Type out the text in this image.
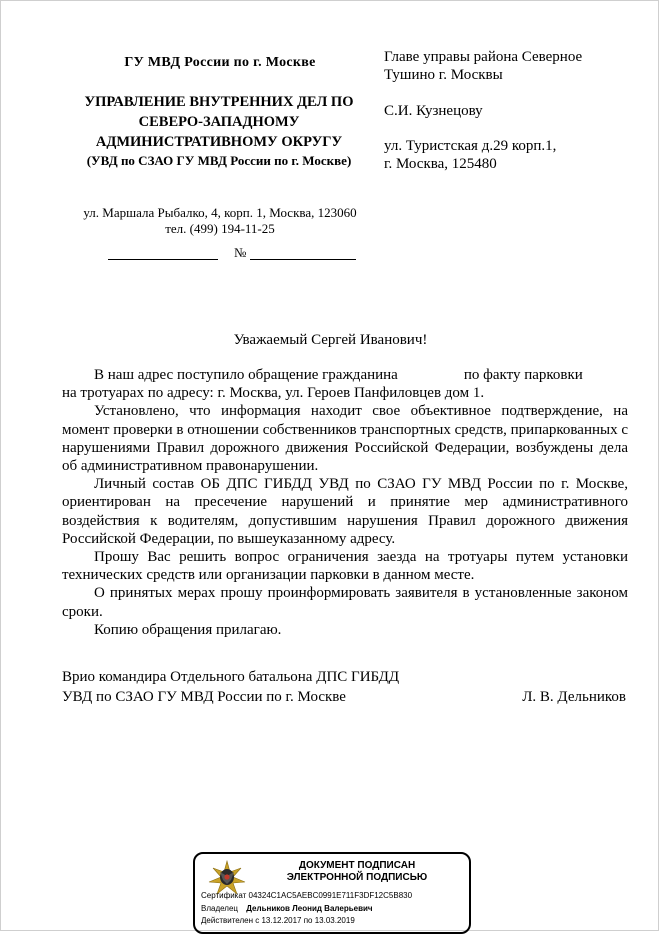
ГУ МВД России по г. Москве
УПРАВЛЕНИЕ ВНУТРЕННИХ ДЕЛ ПО СЕВЕРО-ЗАПАДНОМУ АДМИНИСТРАТИВНОМУ ОКРУГУ
(УВД по СЗАО ГУ МВД России по г. Москве)
ул. Маршала Рыбалко, 4, корп. 1, Москва, 123060
тел. (499) 194-11-25
№
Главе управы района Северное
Тушино г. Москвы
С.И. Кузнецову
ул. Туристская д.29 корп.1,
г. Москва, 125480
Уважаемый Сергей Иванович!

В наш адрес поступило обращение гражданина	по факту парковки

на тротуарах по адресу: г. Москва, ул. Героев Панфиловцев дом 1.

Установлено, что информация находит свое объективное подтверждение, на момент проверки в отношении собственников транспортных средств, припаркованных с нарушениями Правил дорожного движения Российской Федерации, возбуждены дела об административном правонарушении.

Личный состав ОБ ДПС ГИБДД УВД по СЗАО ГУ МВД России по г. Москве, ориентирован на пресечение нарушений и принятие мер административного воздействия к водителям, допустившим нарушения Правил дорожного движения Российской Федерации, по вышеуказанному адресу.

Прошу Вас решить вопрос ограничения заезда на тротуары путем установки технических средств или организации парковки в данном месте.

О принятых мерах прошу проинформировать заявителя в установленные законом сроки.

Копию обращения прилагаю.

Врио командира Отдельного батальона ДПС ГИБДД
УВД по СЗАО ГУ МВД России по г. Москве	Л. В. Дельников
ДОКУМЕНТ ПОДПИСАН
ЭЛЕКТРОННОЙ ПОДПИСЬЮ
Сертификат 04324C1AC5AEBC0991E711F3DF12C5B830
Владелец Дельников Леонид Валерьевич
Действителен с 13.12.2017 по 13.03.2019
